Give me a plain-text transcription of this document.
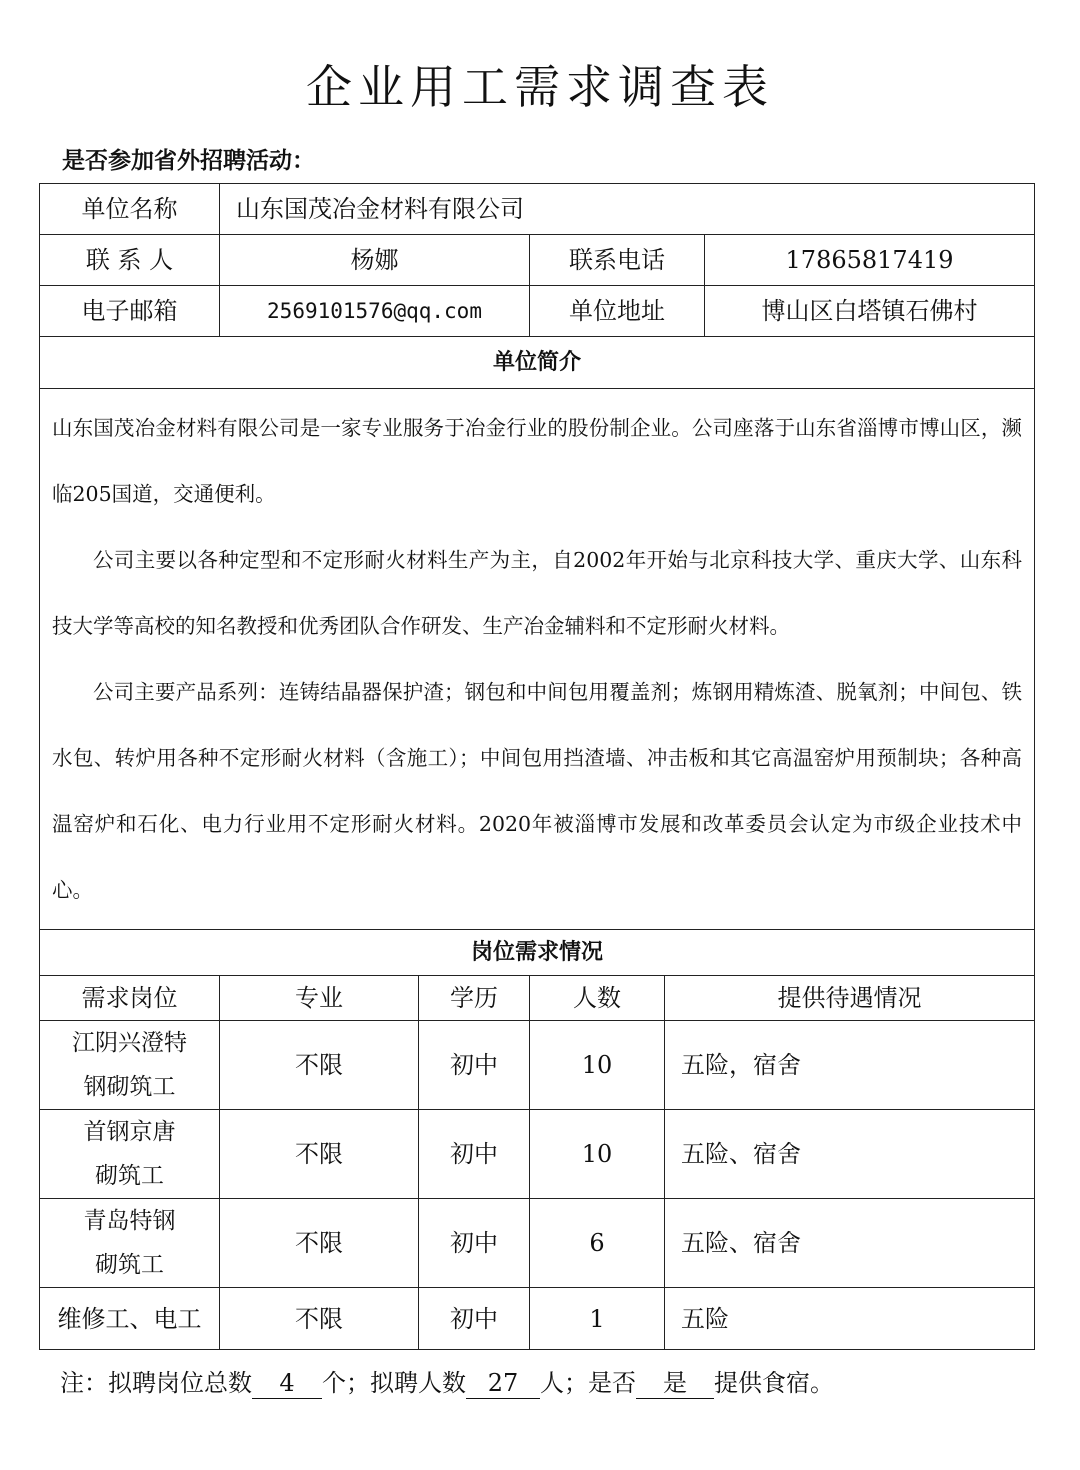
企业用工需求调查表
是否参加省外招聘活动：
单位名称	山东国茂冶金材料有限公司				
联 系 人	杨娜		联系电话		17865817419
电子邮箱	2569101576@qq.com		单位地址		博山区白塔镇石佛村
单位简介					

山东国茂冶金材料有限公司是一家专业服务于冶金行业的股份制企业。公司座落于山东省淄博市博山区，濒临205国道，交通便利。

公司主要以各种定型和不定形耐火材料生产为主，自2002年开始与北京科技大学、重庆大学、山东科技大学等高校的知名教授和优秀团队合作研发、生产冶金辅料和不定形耐火材料。

公司主要产品系列：连铸结晶器保护渣；钢包和中间包用覆盖剂；炼钢用精炼渣、脱氧剂；中间包、铁水包、转炉用各种不定形耐火材料（含施工）；中间包用挡渣墙、冲击板和其它高温窑炉用预制块；各种高温窑炉和石化、电力行业用不定形耐火材料。2020年被淄博市发展和改革委员会认定为市级企业技术中心。					

岗位需求情况					
需求岗位	专业	学历	人数	提供待遇情况	
江阴兴澄特
钢砌筑工	不限	初中	10	五险，宿舍	
首钢京唐
砌筑工	不限	初中	10	五险、宿舍	
青岛特钢
砌筑工	不限	初中	6	五险、宿舍	
维修工、电工	不限	初中	1	五险	
注：拟聘岗位总数 4 个；拟聘人数 27 人；是否 是 提供食宿。
